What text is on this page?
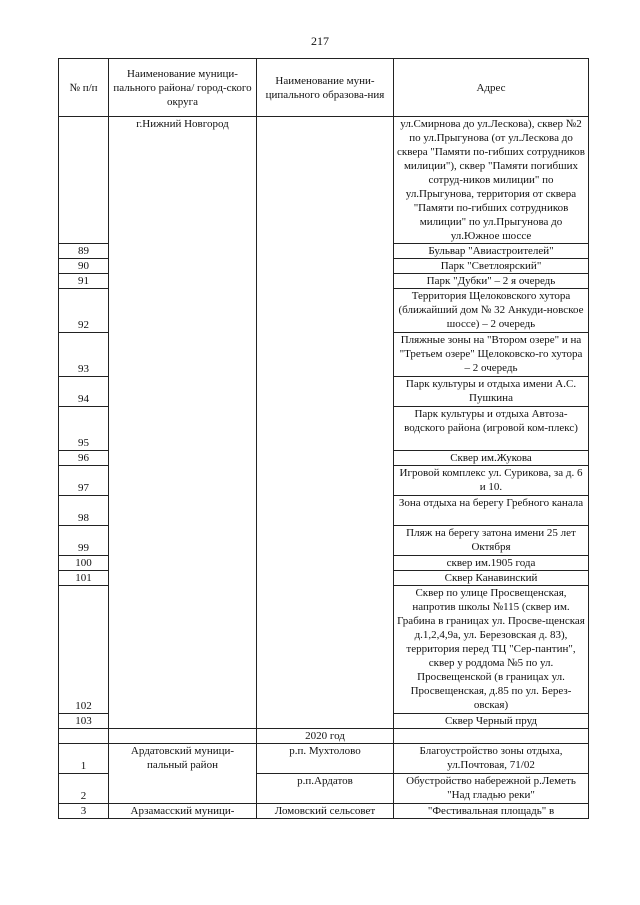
217
№ п/п	Наименование муници-пального района/ город-ского округа	Наименование муни-ципального образова-ния	Адрес
	г.Нижний Новгород		ул.Смирнова до ул.Лескова), сквер №2 по ул.Прыгунова (от ул.Лескова до сквера "Памяти по-гибших сотрудников милиции"), сквер "Памяти погибших сотруд-ников милиции" по ул.Прыгунова, территория от сквера "Памяти по-гибших сотрудников милиции" по ул.Прыгунова до ул.Южное шоссе
89			Бульвар "Авиастроителей"
90			Парк "Светлоярский"
91			Парк "Дубки" – 2 я очередь
92			Территория Щелоковского хутора (ближайший дом № 32 Анкуди-новское шоссе) – 2 очередь
93			Пляжные зоны на "Втором озере" и на "Третьем озере" Щелоковско-го хутора – 2 очередь
94			Парк культуры и отдыха имени А.С. Пушкина
95			Парк культуры и отдыха Автоза-водского района (игровой ком-плекс)
96			Сквер им.Жукова
97			Игровой комплекс ул. Сурикова, за д. 6 и 10.
98			Зона отдыха на берегу Гребного канала
99			Пляж на берегу затона имени 25 лет Октября
100			сквер им.1905 года
101			Сквер Канавинский
102			Сквер по улице Просвещенская, напротив школы №115 (сквер им. Грабина в границах ул. Просве-щенская д.1,2,4,9а, ул. Березовская д. 83), территория перед ТЦ "Сер-пантин", сквер у роддома №5 по ул. Просвещенской (в границах ул. Просвещенская, д.85 по ул. Берез-овская)
103			Сквер Черный пруд
		2020 год	
1	Ардатовский муници-пальный район	р.п. Мухтолово	Благоустройство зоны отдыха, ул.Почтовая, 71/02
2		р.п.Ардатов	Обустройство набережной р.Леметь "Над гладью реки"
3	Арзамасский муници-	Ломовский сельсовет	"Фестивальная площадь" в
